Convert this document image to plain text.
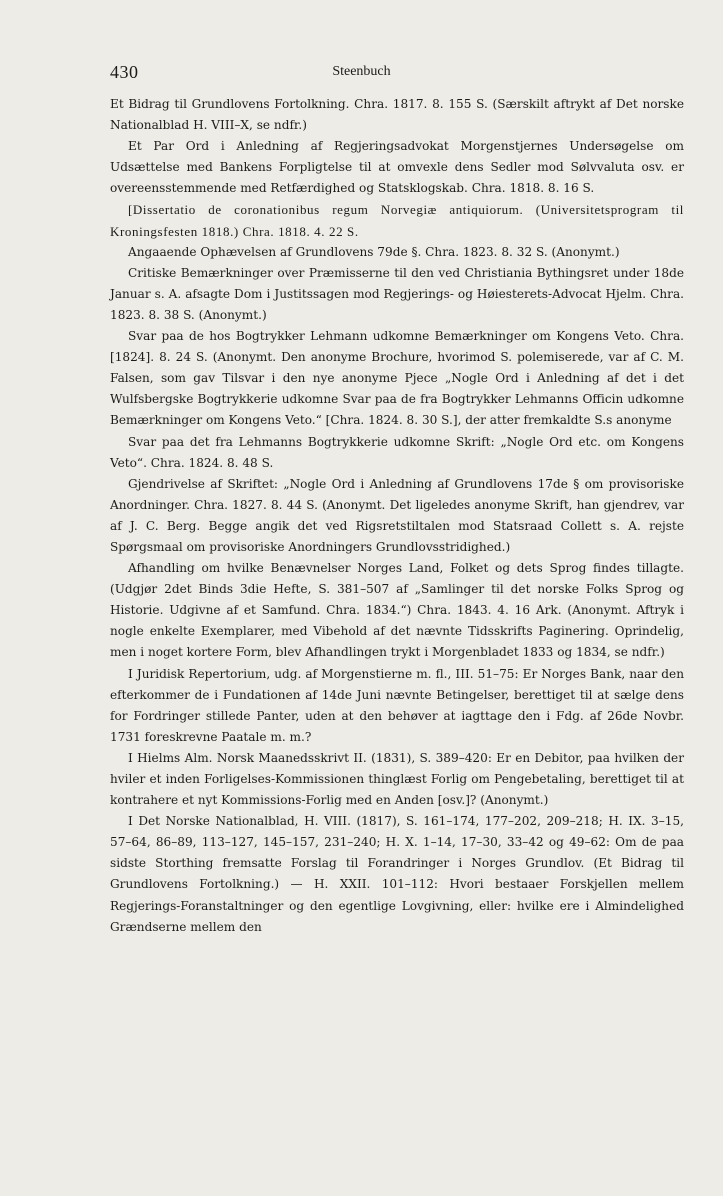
430	Steenbuch

Et Bidrag til Grundlovens Fortolkning. Chra. 1817. 8. 155 S. (Særskilt aftrykt af Det norske Nationalblad H. VIII–X, se ndfr.)

Et Par Ord i Anledning af Regjeringsadvokat Morgenstjernes Undersøgelse om Udsættelse med Bankens Forpligtelse til at omvexle dens Sedler mod Sølvvaluta osv. er overeensstemmende med Retfærdighed og Statsklogskab. Chra. 1818. 8. 16 S.

[Dissertatio de coronationibus regum Norvegiæ antiquiorum. (Universitetsprogram til Kroningsfesten 1818.) Chra. 1818. 4. 22 S.

Angaaende Ophævelsen af Grundlovens 79de §. Chra. 1823. 8. 32 S. (Anonymt.)

Critiske Bemærkninger over Præmisserne til den ved Christiania Bythingsret under 18de Januar s. A. afsagte Dom i Justitssagen mod Regjerings- og Høiesterets-Advocat Hjelm. Chra. 1823. 8. 38 S. (Anonymt.)

Svar paa de hos Bogtrykker Lehmann udkomne Bemærkninger om Kongens Veto. Chra. [1824]. 8. 24 S. (Anonymt. Den anonyme Brochure, hvorimod S. polemiserede, var af C. M. Falsen, som gav Tilsvar i den nye anonyme Pjece „Nogle Ord i Anledning af det i det Wulfsbergske Bogtrykkerie udkomne Svar paa de fra Bogtrykker Lehmanns Officin udkomne Bemærkninger om Kongens Veto.“ [Chra. 1824. 8. 30 S.], der atter fremkaldte S.s anonyme

Svar paa det fra Lehmanns Bogtrykkerie udkomne Skrift: „Nogle Ord etc. om Kongens Veto“. Chra. 1824. 8. 48 S.

Gjendrivelse af Skriftet: „Nogle Ord i Anledning af Grundlovens 17de § om provisoriske Anordninger. Chra. 1827. 8. 44 S. (Anonymt. Det ligeledes anonyme Skrift, han gjendrev, var af J. C. Berg. Begge angik det ved Rigsretstiltalen mod Statsraad Collett s. A. rejste Spørgsmaal om provisoriske Anordningers Grundlovsstridighed.)

Afhandling om hvilke Benævnelser Norges Land, Folket og dets Sprog findes tillagte. (Udgjør 2det Binds 3die Hefte, S. 381–507 af „Samlinger til det norske Folks Sprog og Historie. Udgivne af et Samfund. Chra. 1834.“) Chra. 1843. 4. 16 Ark. (Anonymt. Aftryk i nogle enkelte Exemplarer, med Vibehold af det nævnte Tidsskrifts Paginering. Oprindelig, men i noget kortere Form, blev Afhandlingen trykt i Morgenbladet 1833 og 1834, se ndfr.)

I Juridisk Repertorium, udg. af Morgenstierne m. fl., III. 51–75: Er Norges Bank, naar den efterkommer de i Fundationen af 14de Juni nævnte Betingelser, berettiget til at sælge dens for Fordringer stillede Panter, uden at den behøver at iagttage den i Fdg. af 26de Novbr. 1731 foreskrevne Paatale m. m.?

I Hielms Alm. Norsk Maanedsskrivt II. (1831), S. 389–420: Er en Debitor, paa hvilken der hviler et inden Forligelses-Kommissionen thinglæst Forlig om Pengebetaling, berettiget til at kontrahere et nyt Kommissions-Forlig med en Anden [osv.]? (Anonymt.)

I Det Norske Nationalblad, H. VIII. (1817), S. 161–174, 177–202, 209–218; H. IX. 3–15, 57–64, 86–89, 113–127, 145–157, 231–240; H. X. 1–14, 17–30, 33–42 og 49–62: Om de paa sidste Storthing fremsatte Forslag til Forandringer i Norges Grundlov. (Et Bidrag til Grundlovens Fortolkning.) — H. XXII. 101–112: Hvori bestaaer Forskjellen mellem Regjerings-Foranstaltninger og den egentlige Lovgivning, eller: hvilke ere i Almindelighed Grændserne mellem den
